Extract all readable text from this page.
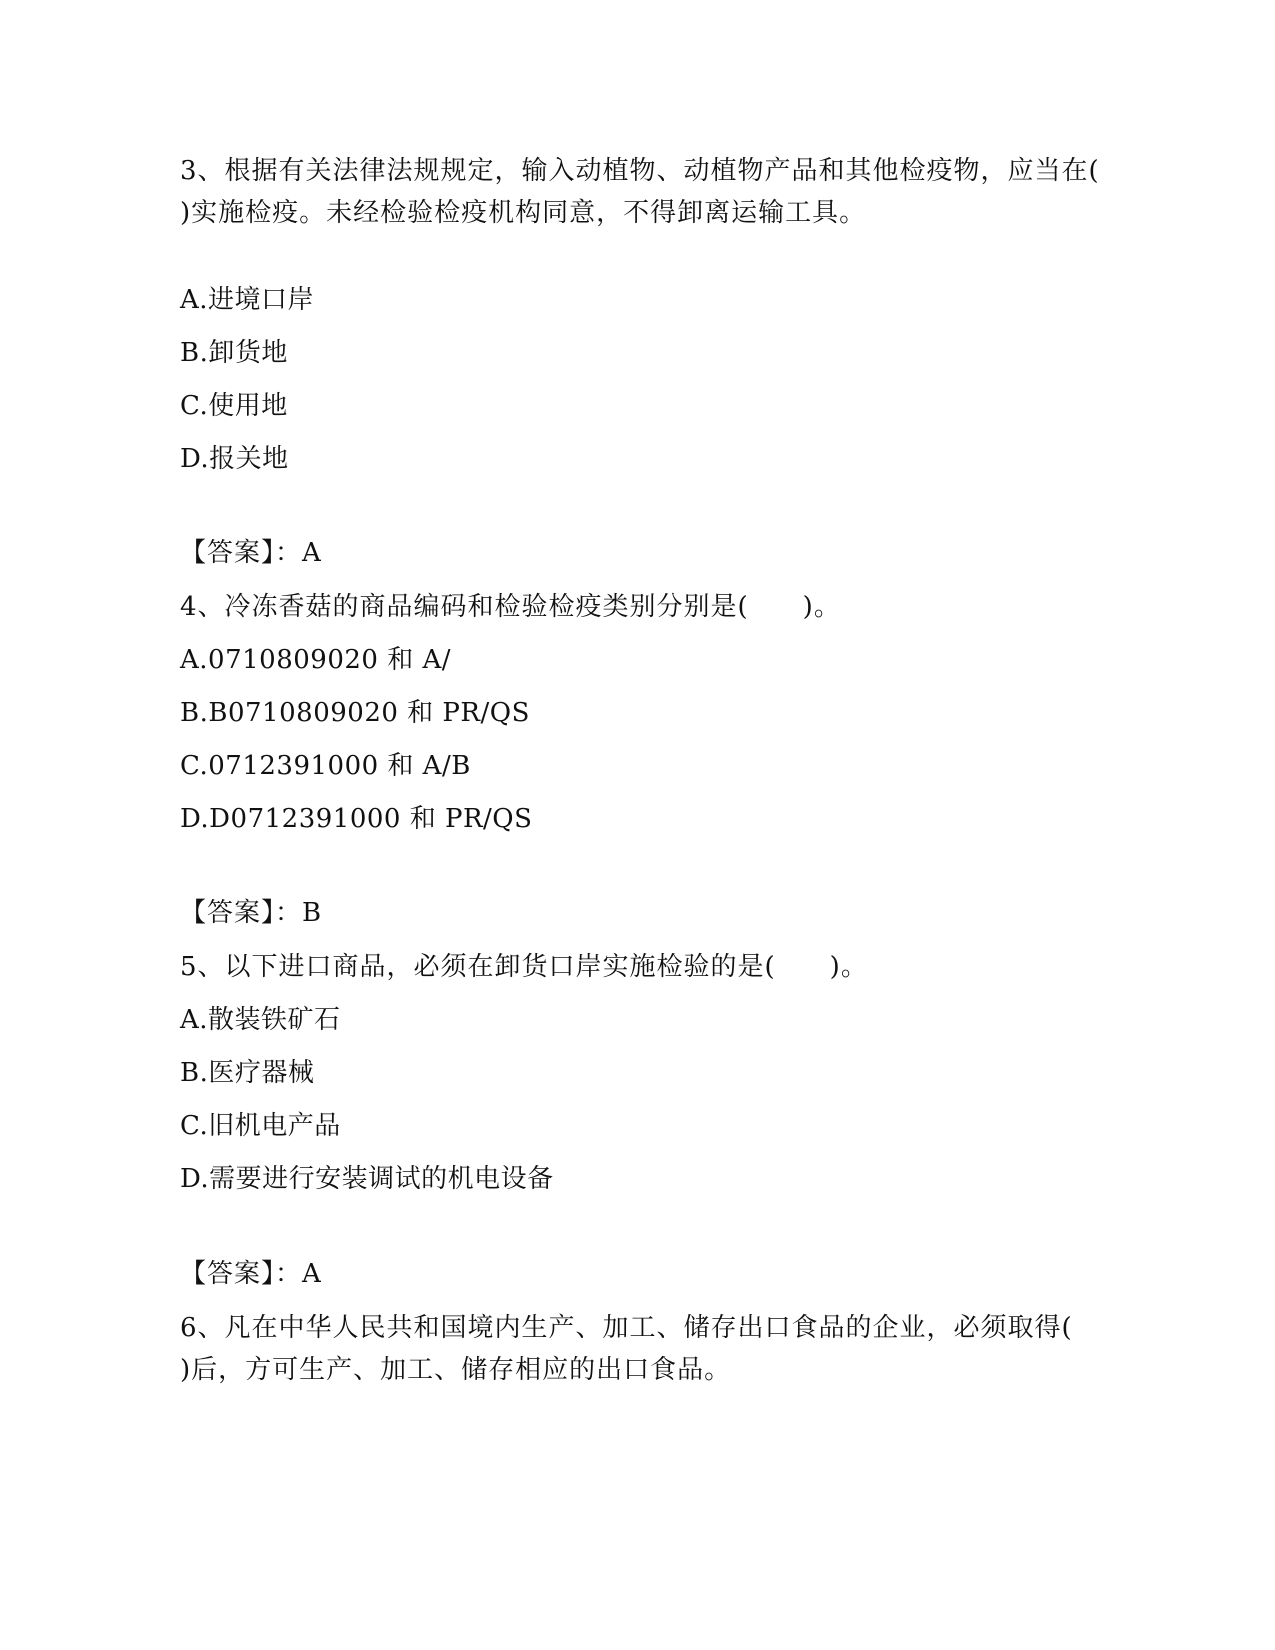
3、根据有关法律法规规定，输入动植物、动植物产品和其他检疫物，应当在(　　)实施检疫。未经检验检疫机构同意，不得卸离运输工具。

A.进境口岸

B.卸货地

C.使用地

D.报关地

【答案】：A

4、冷冻香菇的商品编码和检验检疫类别分别是(　　)。

A.0710809020 和 A/

B.B0710809020 和 PR/QS

C.0712391000 和 A/B

D.D0712391000 和 PR/QS

【答案】：B

5、以下进口商品，必须在卸货口岸实施检验的是(　　)。

A.散装铁矿石

B.医疗器械

C.旧机电产品

D.需要进行安装调试的机电设备

【答案】：A

6、凡在中华人民共和国境内生产、加工、储存出口食品的企业，必须取得(　　　　)后，方可生产、加工、储存相应的出口食品。
